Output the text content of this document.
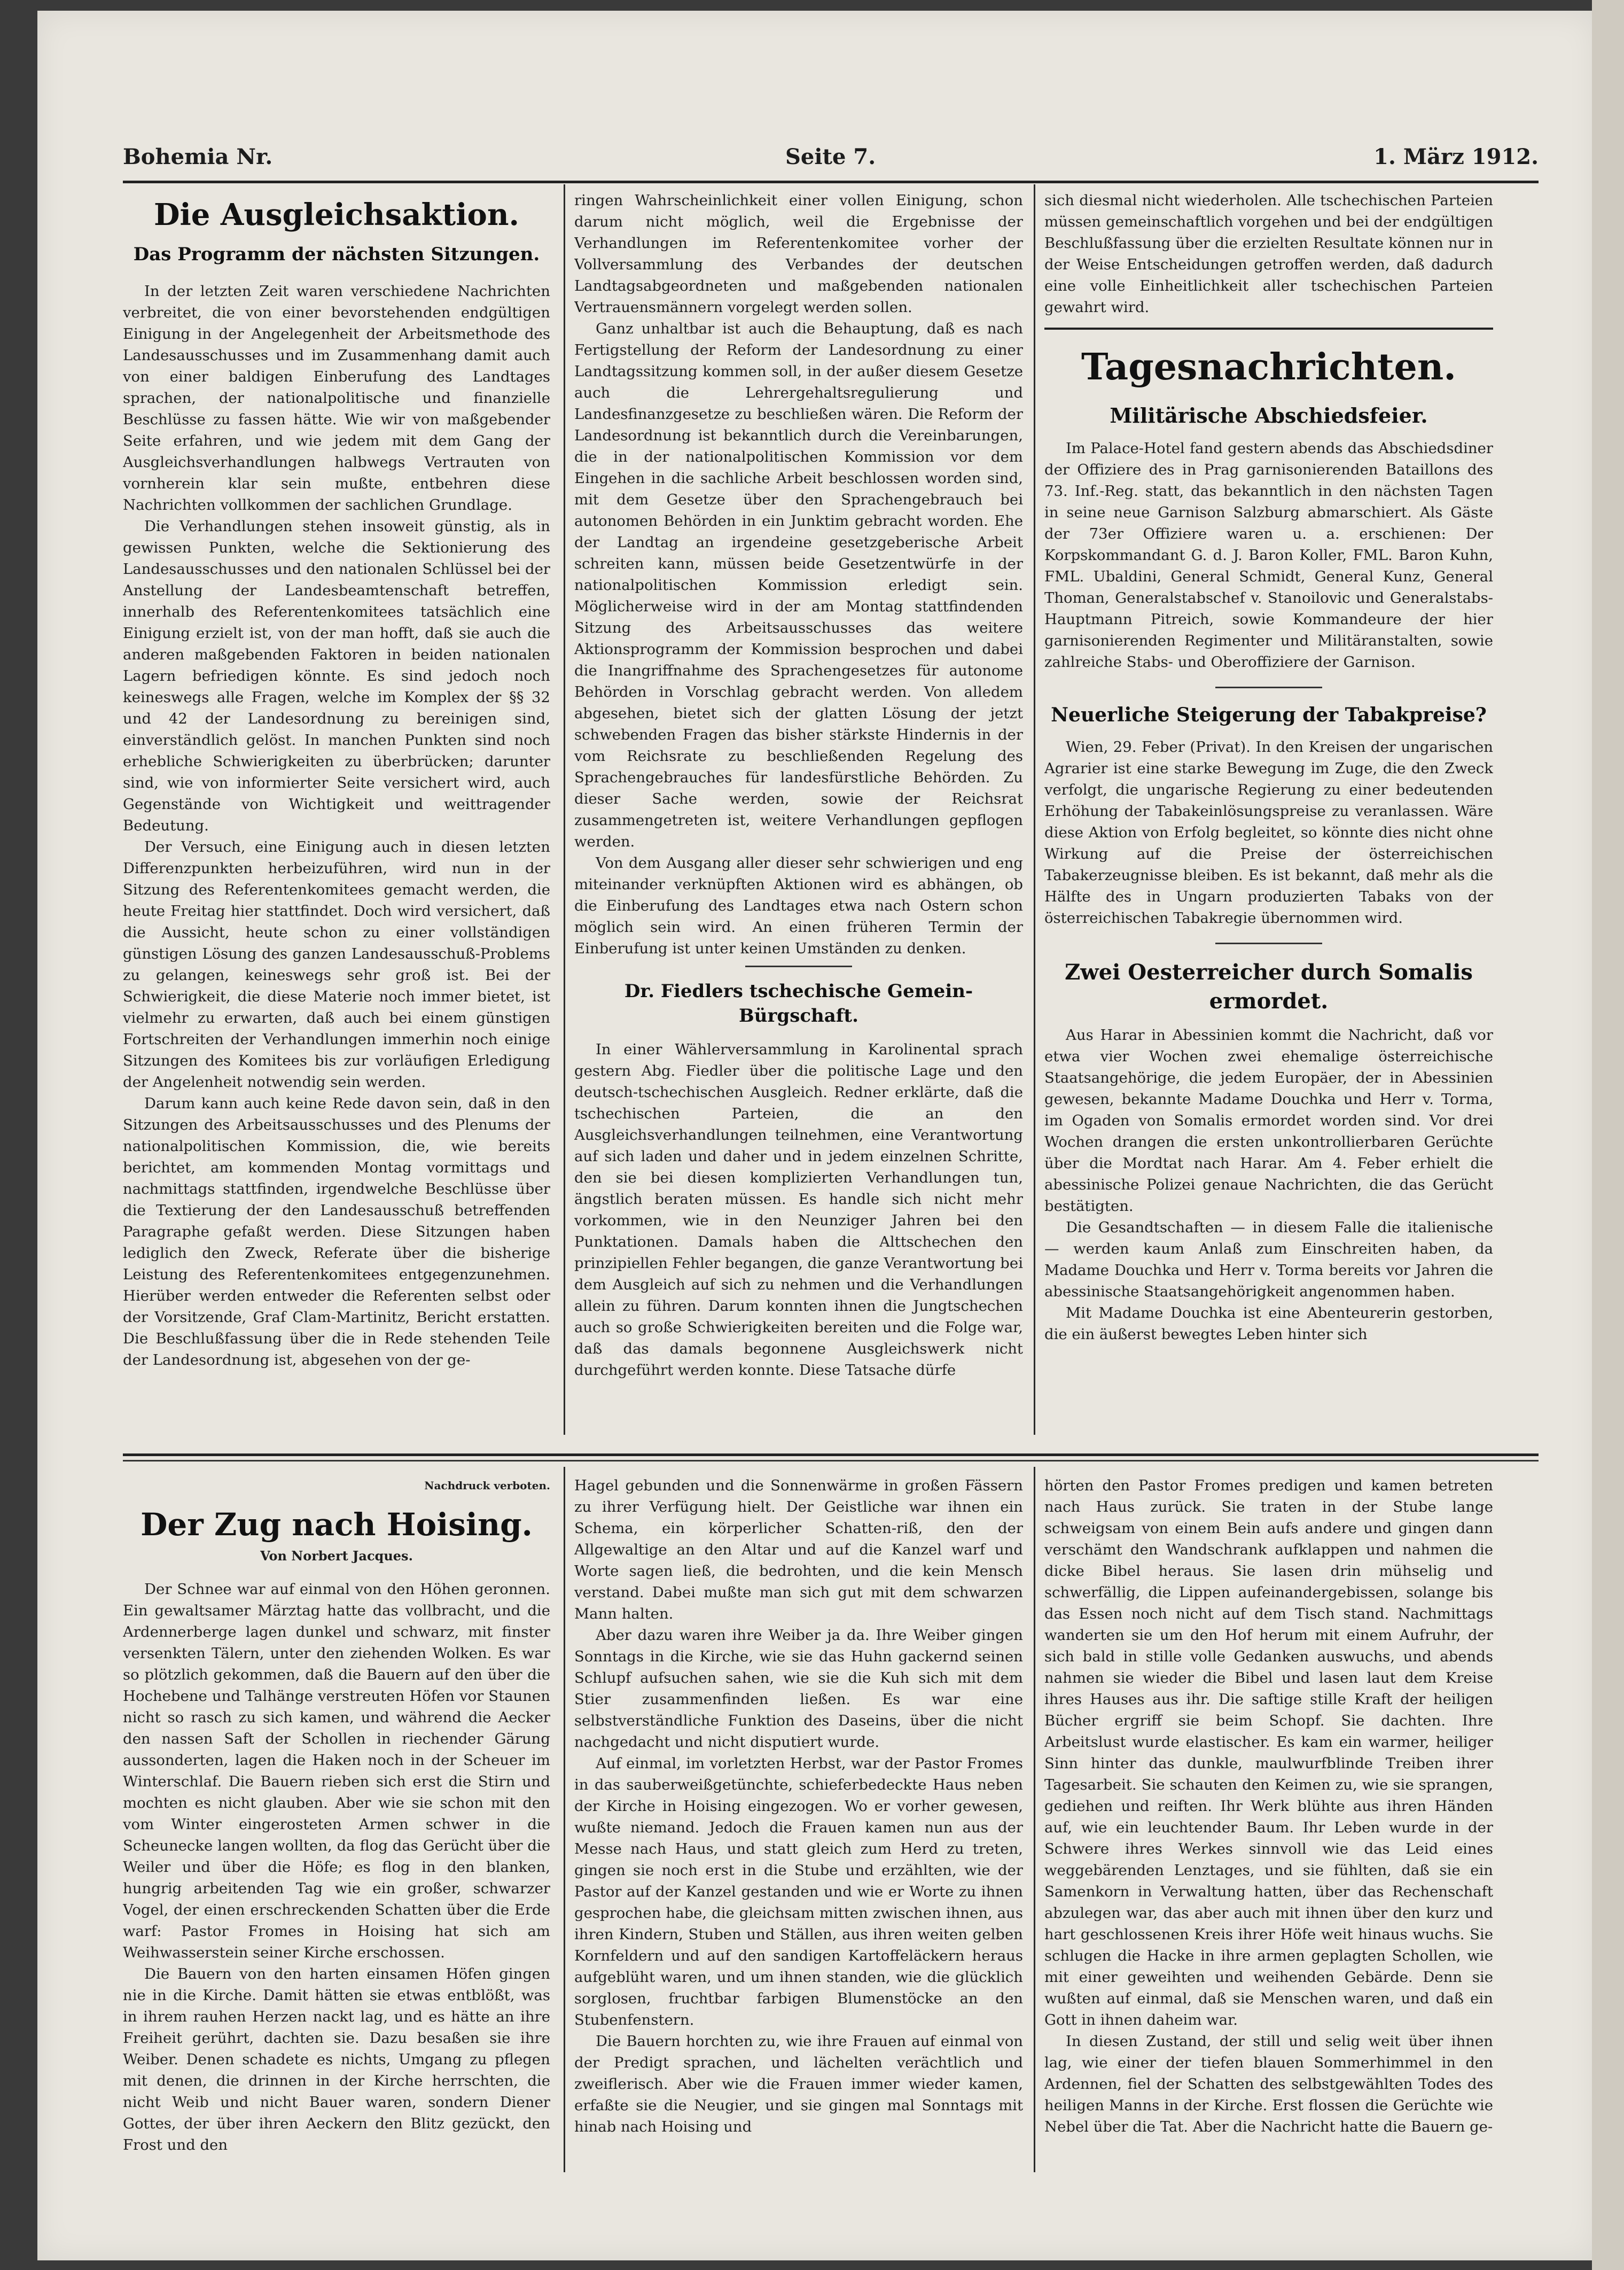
Bohemia Nr.	Seite 7.	1. März 1912.
Die Ausgleichsaktion.
Das Programm der nächsten Sitzungen.

In der letzten Zeit waren verschiedene Nachrichten verbreitet, die von einer bevorstehenden endgültigen Einigung in der Angelegenheit der Arbeitsmethode des Landesausschusses und im Zusammenhang damit auch von einer baldigen Einberufung des Landtages sprachen, der nationalpolitische und finanzielle Beschlüsse zu fassen hätte. Wie wir von maßgebender Seite erfahren, und wie jedem mit dem Gang der Ausgleichsverhandlungen halbwegs Vertrauten von vornherein klar sein mußte, entbehren diese Nachrichten vollkommen der sachlichen Grundlage.

Die Verhandlungen stehen insoweit günstig, als in gewissen Punkten, welche die Sektionierung des Landesausschusses und den nationalen Schlüssel bei der Anstellung der Landesbeamtenschaft betreffen, innerhalb des Referentenkomitees tatsächlich eine Einigung erzielt ist, von der man hofft, daß sie auch die anderen maßgebenden Faktoren in beiden nationalen Lagern befriedigen könnte. Es sind jedoch noch keineswegs alle Fragen, welche im Komplex der §§ 32 und 42 der Landesordnung zu bereinigen sind, einverständlich gelöst. In manchen Punkten sind noch erhebliche Schwierigkeiten zu überbrücken; darunter sind, wie von informierter Seite versichert wird, auch Gegenstände von Wichtigkeit und weittragender Bedeutung.

Der Versuch, eine Einigung auch in diesen letzten Differenzpunkten herbeizuführen, wird nun in der Sitzung des Referentenkomitees gemacht werden, die heute Freitag hier stattfindet. Doch wird versichert, daß die Aussicht, heute schon zu einer vollständigen günstigen Lösung des ganzen Landesausschuß-Problems zu gelangen, keineswegs sehr groß ist. Bei der Schwierigkeit, die diese Materie noch immer bietet, ist vielmehr zu erwarten, daß auch bei einem günstigen Fortschreiten der Verhandlungen immerhin noch einige Sitzungen des Komitees bis zur vorläufigen Erledigung der Angelenheit notwendig sein werden.

Darum kann auch keine Rede davon sein, daß in den Sitzungen des Arbeitsausschusses und des Plenums der nationalpolitischen Kommission, die, wie bereits berichtet, am kommenden Montag vormittags und nachmittags stattfinden, irgendwelche Beschlüsse über die Textierung der den Landesausschuß betreffenden Paragraphe gefaßt werden. Diese Sitzungen haben lediglich den Zweck, Referate über die bisherige Leistung des Referentenkomitees entgegenzunehmen. Hierüber werden entweder die Referenten selbst oder der Vorsitzende, Graf Clam-Martinitz, Bericht erstatten. Die Beschlußfassung über die in Rede stehenden Teile der Landesordnung ist, abgesehen von der ge-

ringen Wahrscheinlichkeit einer vollen Einigung, schon darum nicht möglich, weil die Ergebnisse der Verhandlungen im Referentenkomitee vorher der Vollversammlung des Verbandes der deutschen Landtagsabgeordneten und maßgebenden nationalen Vertrauensmännern vorgelegt werden sollen.

Ganz unhaltbar ist auch die Behauptung, daß es nach Fertigstellung der Reform der Landesordnung zu einer Landtagssitzung kommen soll, in der außer diesem Gesetze auch die Lehrergehaltsregulierung und Landesfinanzgesetze zu beschließen wären. Die Reform der Landesordnung ist bekanntlich durch die Vereinbarungen, die in der nationalpolitischen Kommission vor dem Eingehen in die sachliche Arbeit beschlossen worden sind, mit dem Gesetze über den Sprachengebrauch bei autonomen Behörden in ein Junktim gebracht worden. Ehe der Landtag an irgendeine gesetzgeberische Arbeit schreiten kann, müssen beide Gesetzentwürfe in der nationalpolitischen Kommission erledigt sein. Möglicherweise wird in der am Montag stattfindenden Sitzung des Arbeitsausschusses das weitere Aktionsprogramm der Kommission besprochen und dabei die Inangriffnahme des Sprachengesetzes für autonome Behörden in Vorschlag gebracht werden. Von alledem abgesehen, bietet sich der glatten Lösung der jetzt schwebenden Fragen das bisher stärkste Hindernis in der vom Reichsrate zu beschließenden Regelung des Sprachengebrauches für landesfürstliche Behörden. Zu dieser Sache werden, sowie der Reichsrat zusammengetreten ist, weitere Verhandlungen gepflogen werden.

Von dem Ausgang aller dieser sehr schwierigen und eng miteinander verknüpften Aktionen wird es abhängen, ob die Einberufung des Landtages etwa nach Ostern schon möglich sein wird. An einen früheren Termin der Einberufung ist unter keinen Umständen zu denken.

Dr. Fiedlers tschechische Gemein-Bürgschaft.

In einer Wählerversammlung in Karolinental sprach gestern Abg. Fiedler über die politische Lage und den deutsch-tschechischen Ausgleich. Redner erklärte, daß die tschechischen Parteien, die an den Ausgleichsverhandlungen teilnehmen, eine Verantwortung auf sich laden und daher und in jedem einzelnen Schritte, den sie bei diesen komplizierten Verhandlungen tun, ängstlich beraten müssen. Es handle sich nicht mehr vorkommen, wie in den Neunziger Jahren bei den Punktationen. Damals haben die Alttschechen den prinzipiellen Fehler begangen, die ganze Verantwortung bei dem Ausgleich auf sich zu nehmen und die Verhandlungen allein zu führen. Darum konnten ihnen die Jungtschechen auch so große Schwierigkeiten bereiten und die Folge war, daß das damals begonnene Ausgleichswerk nicht durchgeführt werden konnte. Diese Tatsache dürfe

sich diesmal nicht wiederholen. Alle tschechischen Parteien müssen gemeinschaftlich vorgehen und bei der endgültigen Beschlußfassung über die erzielten Resultate können nur in der Weise Entscheidungen getroffen werden, daß dadurch eine volle Einheitlichkeit aller tschechischen Parteien gewahrt wird.

Tagesnachrichten.
Militärische Abschiedsfeier.

Im Palace-Hotel fand gestern abends das Abschiedsdiner der Offiziere des in Prag garnisonierenden Bataillons des 73. Inf.-Reg. statt, das bekanntlich in den nächsten Tagen in seine neue Garnison Salzburg abmarschiert. Als Gäste der 73er Offiziere waren u. a. erschienen: Der Korpskommandant G. d. J. Baron Koller, FML. Baron Kuhn, FML. Ubaldini, General Schmidt, General Kunz, General Thoman, Generalstabschef v. Stanoilovic und Generalstabs-Hauptmann Pitreich, sowie Kommandeure der hier garnisonierenden Regimenter und Militäranstalten, sowie zahlreiche Stabs- und Oberoffiziere der Garnison.

Neuerliche Steigerung der Tabakpreise?

Wien, 29. Feber (Privat). In den Kreisen der ungarischen Agrarier ist eine starke Bewegung im Zuge, die den Zweck verfolgt, die ungarische Regierung zu einer bedeutenden Erhöhung der Tabakeinlösungspreise zu veranlassen. Wäre diese Aktion von Erfolg begleitet, so könnte dies nicht ohne Wirkung auf die Preise der österreichischen Tabakerzeugnisse bleiben. Es ist bekannt, daß mehr als die Hälfte des in Ungarn produzierten Tabaks von der österreichischen Tabakregie übernommen wird.

Zwei Oesterreicher durch Somalis ermordet.

Aus Harar in Abessinien kommt die Nachricht, daß vor etwa vier Wochen zwei ehemalige österreichische Staatsangehörige, die jedem Europäer, der in Abessinien gewesen, bekannte Madame Douchka und Herr v. Torma, im Ogaden von Somalis ermordet worden sind. Vor drei Wochen drangen die ersten unkontrollierbaren Gerüchte über die Mordtat nach Harar. Am 4. Feber erhielt die abessinische Polizei genaue Nachrichten, die das Gerücht bestätigten.

Die Gesandtschaften — in diesem Falle die italienische — werden kaum Anlaß zum Einschreiten haben, da Madame Douchka und Herr v. Torma bereits vor Jahren die abessinische Staatsangehörigkeit angenommen haben.

Mit Madame Douchka ist eine Abenteurerin gestorben, die ein äußerst bewegtes Leben hinter sich

Nachdruck verboten.

Der Zug nach Hoising.

Von Norbert Jacques.

Der Schnee war auf einmal von den Höhen geronnen. Ein gewaltsamer Märztag hatte das vollbracht, und die Ardennerberge lagen dunkel und schwarz, mit finster versenkten Tälern, unter den ziehenden Wolken. Es war so plötzlich gekommen, daß die Bauern auf den über die Hochebene und Talhänge verstreuten Höfen vor Staunen nicht so rasch zu sich kamen, und während die Aecker den nassen Saft der Schollen in riechender Gärung aussonderten, lagen die Haken noch in der Scheuer im Winterschlaf. Die Bauern rieben sich erst die Stirn und mochten es nicht glauben. Aber wie sie schon mit den vom Winter eingerosteten Armen schwer in die Scheunecke langen wollten, da flog das Gerücht über die Weiler und über die Höfe; es flog in den blanken, hungrig arbeitenden Tag wie ein großer, schwarzer Vogel, der einen erschreckenden Schatten über die Erde warf: Pastor Fromes in Hoising hat sich am Weihwasserstein seiner Kirche erschossen.

Die Bauern von den harten einsamen Höfen gingen nie in die Kirche. Damit hätten sie etwas entblößt, was in ihrem rauhen Herzen nackt lag, und es hätte an ihre Freiheit gerührt, dachten sie. Dazu besaßen sie ihre Weiber. Denen schadete es nichts, Umgang zu pflegen mit denen, die drinnen in der Kirche herrschten, die nicht Weib und nicht Bauer waren, sondern Diener Gottes, der über ihren Aeckern den Blitz gezückt, den Frost und den

Hagel gebunden und die Sonnenwärme in großen Fässern zu ihrer Verfügung hielt. Der Geistliche war ihnen ein Schema, ein körperlicher Schatten-riß, den der Allgewaltige an den Altar und auf die Kanzel warf und Worte sagen ließ, die bedrohten, und die kein Mensch verstand. Dabei mußte man sich gut mit dem schwarzen Mann halten.

Aber dazu waren ihre Weiber ja da. Ihre Weiber gingen Sonntags in die Kirche, wie sie das Huhn gackernd seinen Schlupf aufsuchen sahen, wie sie die Kuh sich mit dem Stier zusammenfinden ließen. Es war eine selbstverständliche Funktion des Daseins, über die nicht nachgedacht und nicht disputiert wurde.

Auf einmal, im vorletzten Herbst, war der Pastor Fromes in das sauberweißgetünchte, schieferbedeckte Haus neben der Kirche in Hoising eingezogen. Wo er vorher gewesen, wußte niemand. Jedoch die Frauen kamen nun aus der Messe nach Haus, und statt gleich zum Herd zu treten, gingen sie noch erst in die Stube und erzählten, wie der Pastor auf der Kanzel gestanden und wie er Worte zu ihnen gesprochen habe, die gleichsam mitten zwischen ihnen, aus ihren Kindern, Stuben und Ställen, aus ihren weiten gelben Kornfeldern und auf den sandigen Kartoffeläckern heraus aufgeblüht waren, und um ihnen standen, wie die glücklich sorglosen, fruchtbar farbigen Blumenstöcke an den Stubenfenstern.

Die Bauern horchten zu, wie ihre Frauen auf einmal von der Predigt sprachen, und lächelten verächtlich und zweiflerisch. Aber wie die Frauen immer wieder kamen, erfaßte sie die Neugier, und sie gingen mal Sonntags mit hinab nach Hoising und

hörten den Pastor Fromes predigen und kamen betreten nach Haus zurück. Sie traten in der Stube lange schweigsam von einem Bein aufs andere und gingen dann verschämt den Wandschrank aufklappen und nahmen die dicke Bibel heraus. Sie lasen drin mühselig und schwerfällig, die Lippen aufeinandergebissen, solange bis das Essen noch nicht auf dem Tisch stand. Nachmittags wanderten sie um den Hof herum mit einem Aufruhr, der sich bald in stille volle Gedanken auswuchs, und abends nahmen sie wieder die Bibel und lasen laut dem Kreise ihres Hauses aus ihr. Die saftige stille Kraft der heiligen Bücher ergriff sie beim Schopf. Sie dachten. Ihre Arbeitslust wurde elastischer. Es kam ein warmer, heiliger Sinn hinter das dunkle, maulwurfblinde Treiben ihrer Tagesarbeit. Sie schauten den Keimen zu, wie sie sprangen, gediehen und reiften. Ihr Werk blühte aus ihren Händen auf, wie ein leuchtender Baum. Ihr Leben wurde in der Schwere ihres Werkes sinnvoll wie das Leid eines weggebärenden Lenztages, und sie fühlten, daß sie ein Samenkorn in Verwaltung hatten, über das Rechenschaft abzulegen war, das aber auch mit ihnen über den kurz und hart geschlossenen Kreis ihrer Höfe weit hinaus wuchs. Sie schlugen die Hacke in ihre armen geplagten Schollen, wie mit einer geweihten und weihenden Gebärde. Denn sie wußten auf einmal, daß sie Menschen waren, und daß ein Gott in ihnen daheim war.

In diesen Zustand, der still und selig weit über ihnen lag, wie einer der tiefen blauen Sommerhimmel in den Ardennen, fiel der Schatten des selbstgewählten Todes des heiligen Manns in der Kirche. Erst flossen die Gerüchte wie Nebel über die Tat. Aber die Nachricht hatte die Bauern ge-
